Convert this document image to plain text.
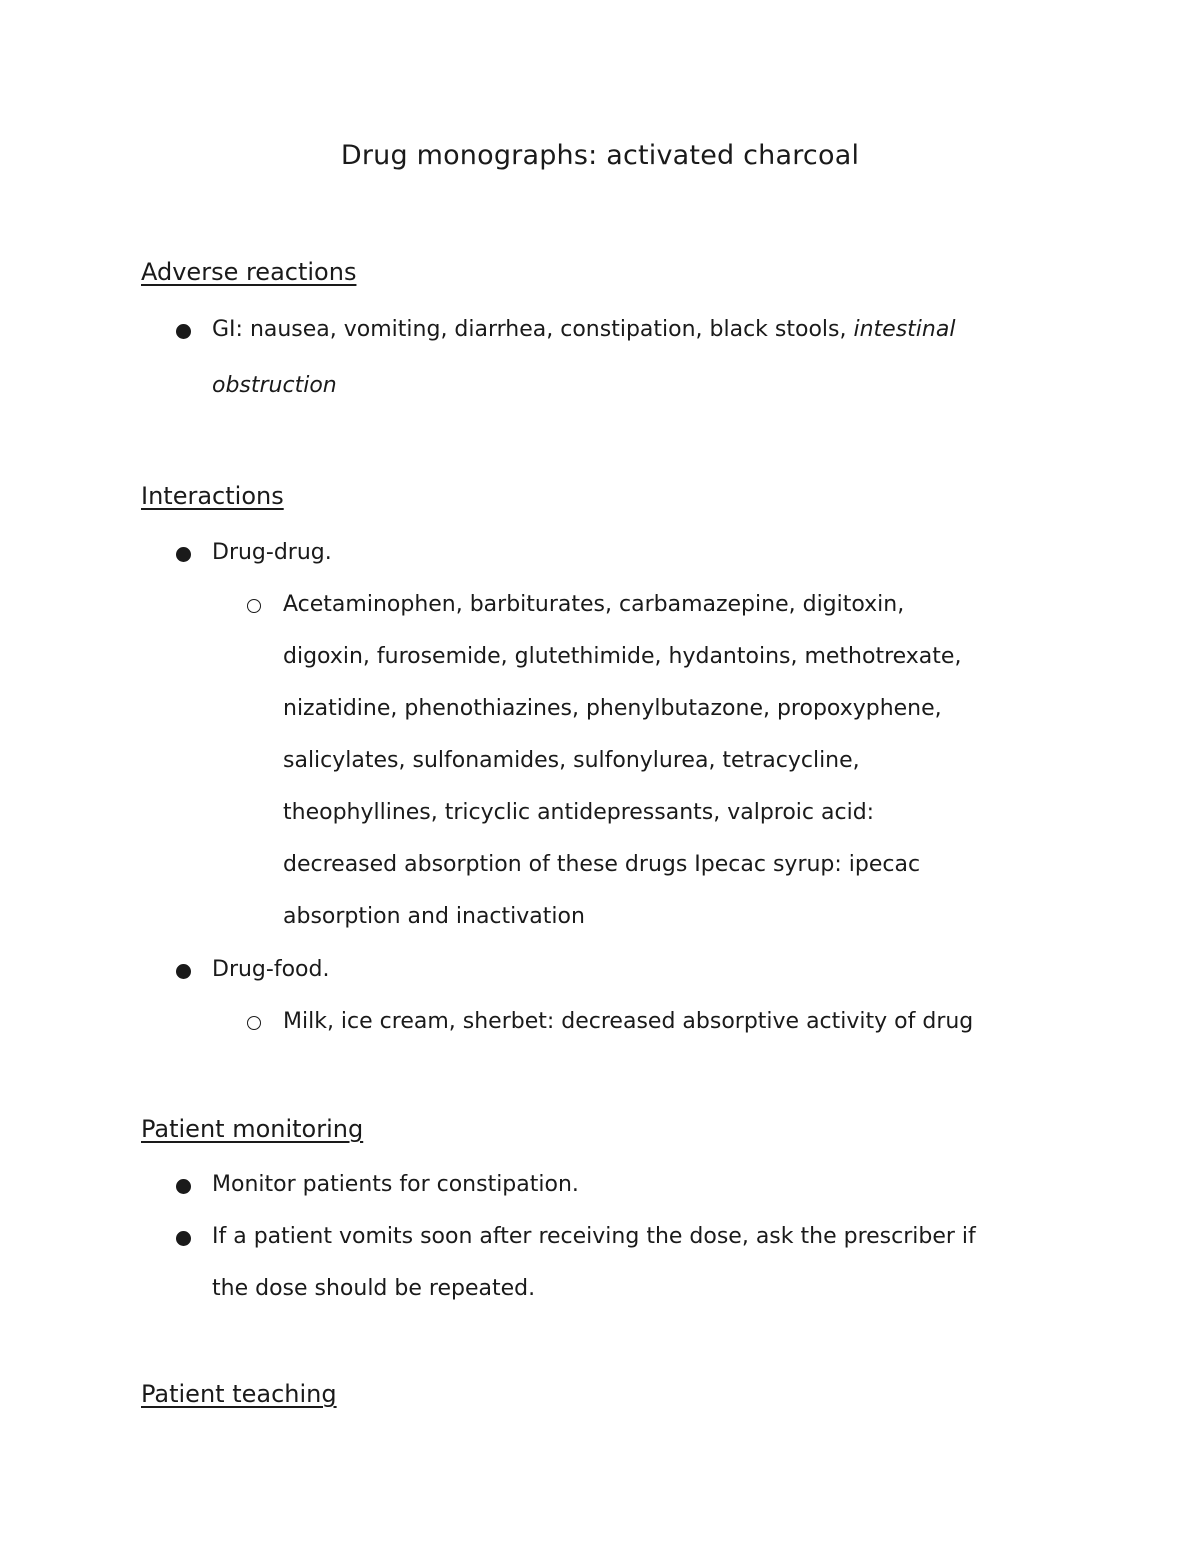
Drug monographs: activated charcoal
Adverse reactions
GI: nausea, vomiting, diarrhea, constipation, black stools, intestinal
obstruction
Interactions
Drug-drug.
Acetaminophen, barbiturates, carbamazepine, digitoxin,
digoxin, furosemide, glutethimide, hydantoins, methotrexate,
nizatidine, phenothiazines, phenylbutazone, propoxyphene,
salicylates, sulfonamides, sulfonylurea, tetracycline,
theophyllines, tricyclic antidepressants, valproic acid:
decreased absorption of these drugs Ipecac syrup: ipecac
absorption and inactivation
Drug-food.
Milk, ice cream, sherbet: decreased absorptive activity of drug
Patient monitoring
Monitor patients for constipation.
If a patient vomits soon after receiving the dose, ask the prescriber if
the dose should be repeated.
Patient teaching
